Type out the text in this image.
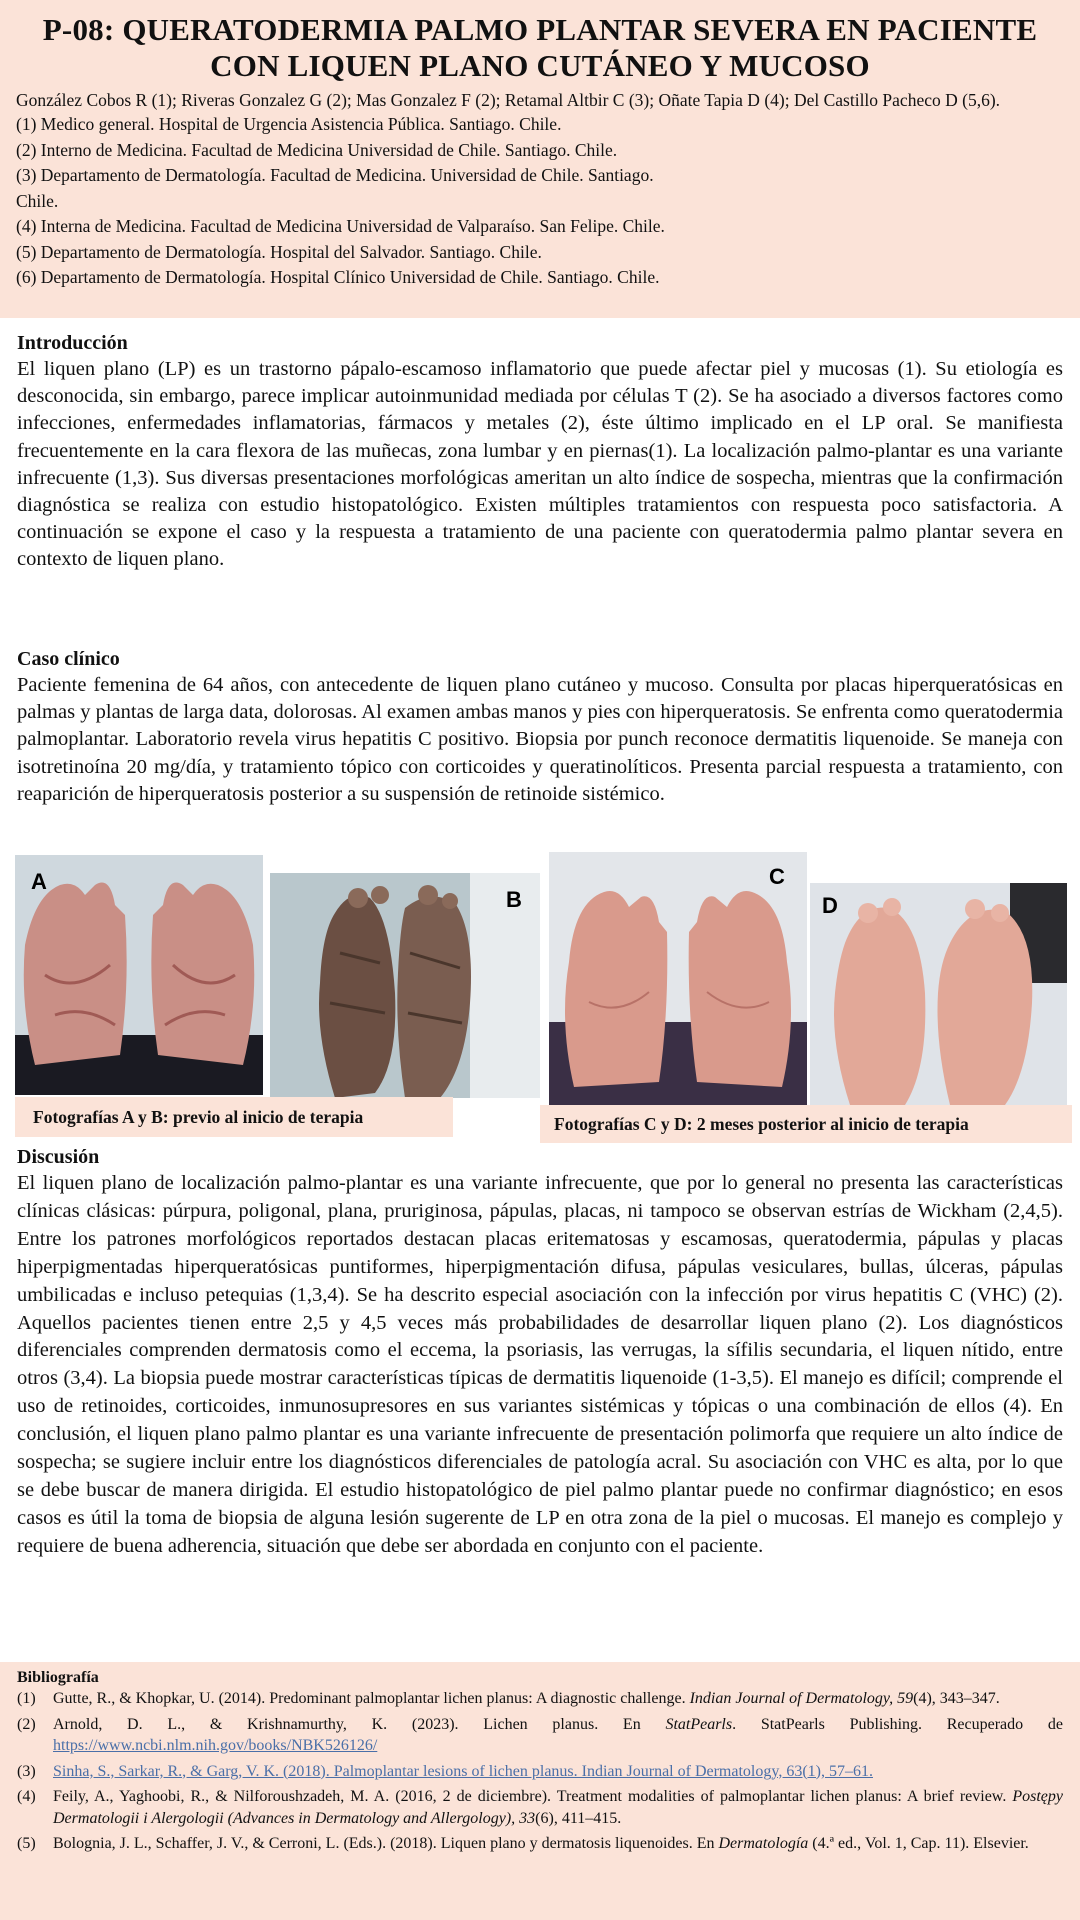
P-08: QUERATODERMIA PALMO PLANTAR SEVERA EN PACIENTE CON LIQUEN PLANO CUTÁNEO Y MUCOSO
González Cobos R (1); Riveras Gonzalez G (2); Mas Gonzalez F (2); Retamal Altbir C (3); Oñate Tapia D (4); Del Castillo Pacheco D (5,6).
(1) Medico general. Hospital de Urgencia Asistencia Pública. Santiago. Chile.
(2) Interno de Medicina. Facultad de Medicina Universidad de Chile. Santiago. Chile.
(3) Departamento de Dermatología. Facultad de Medicina. Universidad de Chile. Santiago.
Chile.
(4) Interna de Medicina. Facultad de Medicina Universidad de Valparaíso. San Felipe. Chile.
(5) Departamento de Dermatología. Hospital del Salvador. Santiago. Chile.
(6) Departamento de Dermatología. Hospital Clínico Universidad de Chile. Santiago. Chile.
Introducción
El liquen plano (LP) es un trastorno pápalo-escamoso inflamatorio que puede afectar piel y mucosas (1). Su etiología es desconocida, sin embargo, parece implicar autoinmunidad mediada por células T (2). Se ha asociado a diversos factores como infecciones, enfermedades inflamatorias, fármacos y metales (2), éste último implicado en el LP oral. Se manifiesta frecuentemente en la cara flexora de las muñecas, zona lumbar y en piernas(1). La localización palmo-plantar es una variante infrecuente (1,3). Sus diversas presentaciones morfológicas ameritan un alto índice de sospecha, mientras que la confirmación diagnóstica se realiza con estudio histopatológico. Existen múltiples tratamientos con respuesta poco satisfactoria. A continuación se expone el caso y la respuesta a tratamiento de una paciente con queratodermia palmo plantar severa en contexto de liquen plano.
Caso clínico
Paciente femenina de 64 años, con antecedente de liquen plano cutáneo y mucoso. Consulta por placas hiperqueratósicas en palmas y plantas de larga data, dolorosas. Al examen ambas manos y pies con hiperqueratosis. Se enfrenta como queratodermia palmoplantar. Laboratorio revela virus hepatitis C positivo. Biopsia por punch reconoce dermatitis liquenoide. Se maneja con isotretinoína 20 mg/día, y tratamiento tópico con corticoides y queratinolíticos. Presenta parcial respuesta a tratamiento, con reaparición de hiperqueratosis posterior a su suspensión de retinoide sistémico.
A
B
C
D
Fotografías A y B: previo al inicio de terapia	Fotografías C y D: 2 meses posterior al inicio de terapia
Discusión
El liquen plano de localización palmo-plantar es una variante infrecuente, que por lo general no presenta las características clínicas clásicas: púrpura, poligonal, plana, pruriginosa, pápulas, placas, ni tampoco se observan estrías de Wickham (2,4,5). Entre los patrones morfológicos reportados destacan placas eritematosas y escamosas, queratodermia, pápulas y placas hiperpigmentadas hiperqueratósicas puntiformes, hiperpigmentación difusa, pápulas vesiculares, bullas, úlceras, pápulas umbilicadas e incluso petequias (1,3,4). Se ha descrito especial asociación con la infección por virus hepatitis C (VHC) (2). Aquellos pacientes tienen entre 2,5 y 4,5 veces más probabilidades de desarrollar liquen plano (2). Los diagnósticos diferenciales comprenden dermatosis como el eccema, la psoriasis, las verrugas, la sífilis secundaria, el liquen nítido, entre otros (3,4). La biopsia puede mostrar características típicas de dermatitis liquenoide (1-3,5). El manejo es difícil; comprende el uso de retinoides, corticoides, inmunosupresores en sus variantes sistémicas y tópicas o una combinación de ellos (4). En conclusión, el liquen plano palmo plantar es una variante infrecuente de presentación polimorfa que requiere un alto índice de sospecha; se sugiere incluir entre los diagnósticos diferenciales de patología acral. Su asociación con VHC es alta, por lo que se debe buscar de manera dirigida. El estudio histopatológico de piel palmo plantar puede no confirmar diagnóstico; en esos casos es útil la toma de biopsia de alguna lesión sugerente de LP en otra zona de la piel o mucosas. El manejo es complejo y requiere de buena adherencia, situación que debe ser abordada en conjunto con el paciente.
Bibliografía
(1)	Gutte, R., & Khopkar, U. (2014). Predominant palmoplantar lichen planus: A diagnostic challenge. Indian Journal of Dermatology, 59(4), 343–347.
(2)	Arnold, D. L., & Krishnamurthy, K. (2023). Lichen planus. En StatPearls. StatPearls Publishing. Recuperado de https://www.ncbi.nlm.nih.gov/books/NBK526126/
(3)	Sinha, S., Sarkar, R., & Garg, V. K. (2018). Palmoplantar lesions of lichen planus. Indian Journal of Dermatology, 63(1), 57–61.
(4)	Feily, A., Yaghoobi, R., & Nilforoushzadeh, M. A. (2016, 2 de diciembre). Treatment modalities of palmoplantar lichen planus: A brief review. Postępy Dermatologii i Alergologii (Advances in Dermatology and Allergology), 33(6), 411–415.
(5)	Bolognia, J. L., Schaffer, J. V., & Cerroni, L. (Eds.). (2018). Liquen plano y dermatosis liquenoides. En Dermatología (4.ª ed., Vol. 1, Cap. 11). Elsevier.
